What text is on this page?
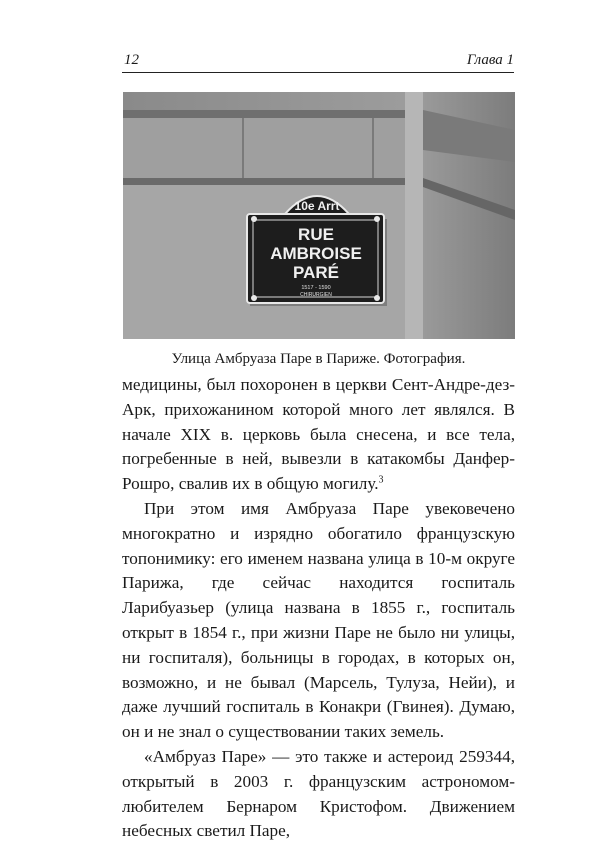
12	Глава 1
10e Arrt
RUE
AMBROISE
PARÉ
1517 - 1590
CHIRURGIEN
Улица Амбруаза Паре в Париже. Фотография.

медицины, был похоронен в церкви Сент-Андре-дез-Арк, прихожанином которой много лет являлся. В начале XIX в. церковь была снесена, и все тела, погребенные в ней, вывезли в катакомбы Данфер-Рошро, свалив их в общую могилу.$^3$

При этом имя Амбруаза Паре увековечено многократно и изрядно обогатило французскую топонимику: его именем названа улица в 10-м округе Парижа, где сейчас находится госпиталь Ларибуазьер (улица названа в 1855 г., госпиталь открыт в 1854 г., при жизни Паре не было ни улицы, ни госпиталя), больницы в городах, в которых он, возможно, и не бывал (Марсель, Тулуза, Нейи), и даже лучший госпиталь в Конакри (Гвинея). Думаю, он и не знал о существовании таких земель.

«Амбруаз Паре» — это также и астероид 259344, открытый в 2003 г. французским астрономом-любителем Бернаром Кристофом. Движением небесных светил Паре,
